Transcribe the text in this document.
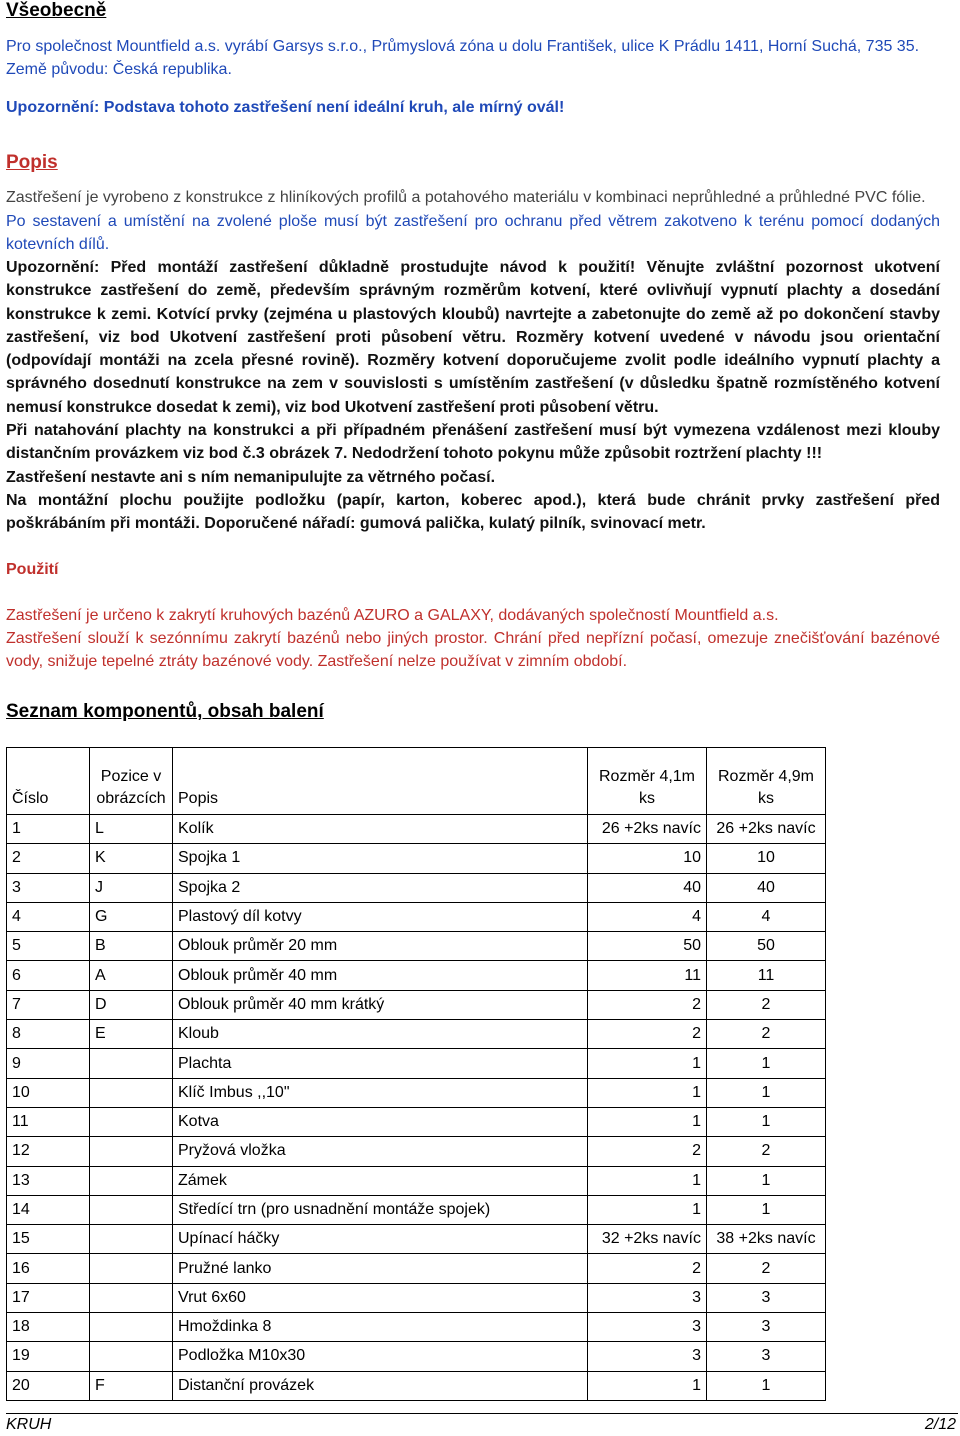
Všeobecně

Pro společnost Mountfield a.s. vyrábí Garsys s.r.o., Průmyslová zóna u dolu František, ulice K Prádlu 1411, Horní Suchá, 735 35. Země původu: Česká republika.

Upozornění: Podstava tohoto zastřešení není ideální kruh, ale mírný ovál!

Popis

Zastřešení je vyrobeno z konstrukce z hliníkových profilů a potahového materiálu v kombinaci neprůhledné a průhledné PVC fólie.

Po sestavení a umístění na zvolené ploše musí být zastřešení pro ochranu před větrem zakotveno k terénu pomocí dodaných kotevních dílů.

Upozornění: Před montáží zastřešení důkladně prostudujte návod k použití! Věnujte zvláštní pozornost ukotvení konstrukce zastřešení do země, především správným rozměrům kotvení, které ovlivňují vypnutí plachty a dosedání konstrukce k zemi. Kotvící prvky (zejména u plastových kloubů) navrtejte a zabetonujte do země až po dokončení stavby zastřešení, viz bod Ukotvení zastřešení proti působení větru. Rozměry kotvení uvedené v návodu jsou orientační (odpovídají montáži na zcela přesné rovině). Rozměry kotvení doporučujeme zvolit podle ideálního vypnutí plachty a správného dosednutí konstrukce na zem v souvislosti s umístěním zastřešení (v důsledku špatně rozmístěného kotvení nemusí konstrukce dosedat k zemi), viz bod Ukotvení zastřešení proti působení větru.

Při natahování plachty na konstrukci a při případném přenášení zastřešení musí být vymezena vzdálenost mezi klouby distančním provázkem viz bod č.3 obrázek 7. Nedodržení tohoto pokynu může způsobit roztržení plachty !!!

Zastřešení nestavte ani s ním nemanipulujte za větrného počasí.

Na montážní plochu použijte podložku (papír, karton, koberec apod.), která bude chránit prvky zastřešení před poškrábáním při montáži. Doporučené nářadí: gumová palička, kulatý pilník, svinovací metr.

Použití

Zastřešení je určeno k zakrytí kruhových bazénů AZURO a GALAXY, dodávaných společností Mountfield a.s.

Zastřešení slouží k sezónnímu zakrytí bazénů nebo jiných prostor. Chrání před nepřízní počasí, omezuje znečišťování bazénové vody, snižuje tepelné ztráty bazénové vody. Zastřešení nelze používat v zimním období.

Seznam komponentů, obsah balení
Číslo	Pozice v obrázcích	Popis	Rozměr 4,1m ks	Rozměr 4,9m ks
1	L	Kolík	26 +2ks navíc	26 +2ks navíc
2	K	Spojka 1	10	10
3	J	Spojka 2	40	40
4	G	Plastový díl kotvy	4	4
5	B	Oblouk průměr 20 mm	50	50
6	A	Oblouk průměr 40 mm	11	11
7	D	Oblouk průměr 40 mm krátký	2	2
8	E	Kloub	2	2
9		Plachta	1	1
10		Klíč Imbus ,,10"	1	1
11		Kotva	1	1
12		Pryžová vložka	2	2
13		Zámek	1	1
14		Středící trn (pro usnadnění montáže spojek)	1	1
15		Upínací háčky	32 +2ks navíc	38 +2ks navíc
16		Pružné lanko	2	2
17		Vrut 6x60	3	3
18		Hmoždinka 8	3	3
19		Podložka M10x30	3	3
20	F	Distanční provázek	1	1
KRUH	2/12
